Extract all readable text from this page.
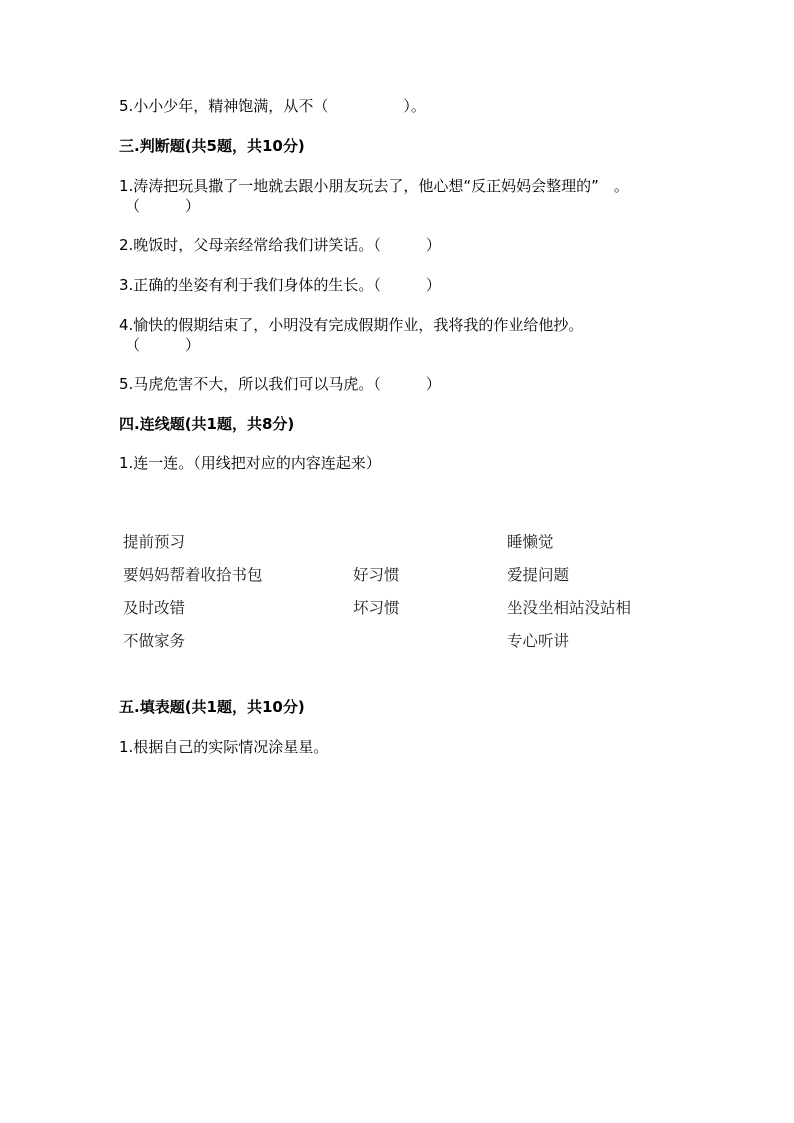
5.小小少年，精神饱满，从不（　　　　　）。
三.判断题(共5题，共10分)
1.涛涛把玩具撒了一地就去跟小朋友玩去了，他心想“反正妈妈会整理的”　。
（　　　）
2.晚饭时，父母亲经常给我们讲笑话。（　　　）
3.正确的坐姿有利于我们身体的生长。（　　　）
4.愉快的假期结束了，小明没有完成假期作业，我将我的作业给他抄。
（　　　）
5.马虎危害不大，所以我们可以马虎。（　　　）
四.连线题(共1题，共8分)
1.连一连。（用线把对应的内容连起来）
提前预习
要妈妈帮着收拾书包
及时改错
不做家务
好习惯
坏习惯
睡懒觉
爱提问题
坐没坐相站没站相
专心听讲
五.填表题(共1题，共10分)
1.根据自己的实际情况涂星星。
